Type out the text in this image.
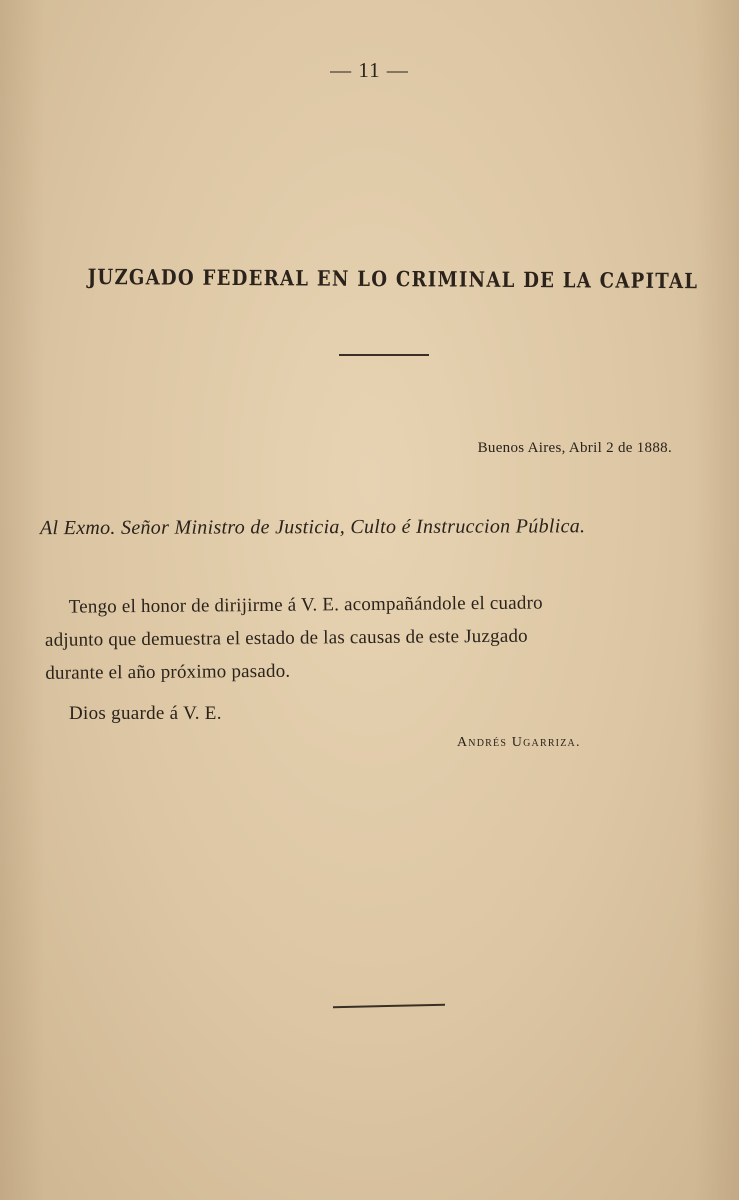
— 11 —
JUZGADO FEDERAL EN LO CRIMINAL DE LA CAPITAL
Buenos Aires, Abril 2 de 1888.
Al Exmo. Señor Ministro de Justicia, Culto é Instruccion Pública.

Tengo el honor de dirijirme á V. E. acompañándole el cuadro

adjunto que demuestra el estado de las causas de este Juzgado

durante el año próximo pasado.

Dios guarde á V. E.
Andrés Ugarriza.
